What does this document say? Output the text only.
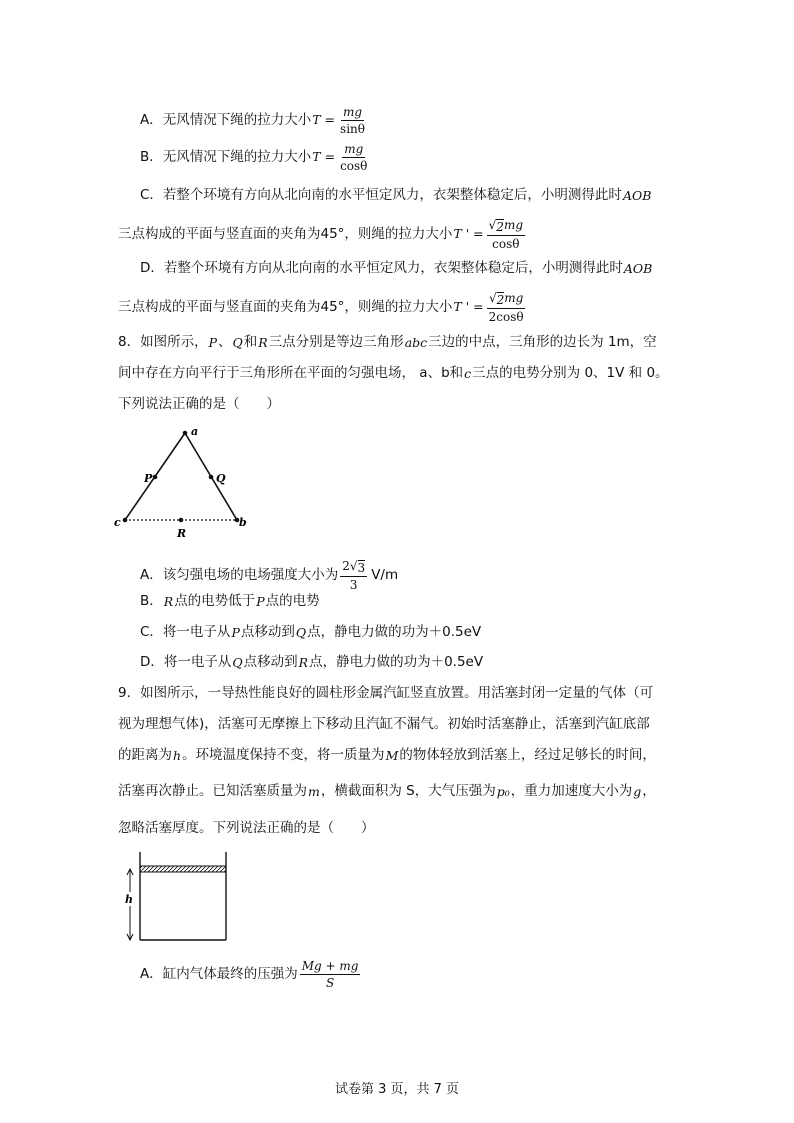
A．无风情况下绳的拉力大小 $T = \frac{mg}{\sin\theta}$
B．无风情况下绳的拉力大小 $T = \frac{mg}{\cos\theta}$
C．若整个环境有方向从北向南的水平恒定风力，衣架整体稳定后，小明测得此时 AOB
三点构成的平面与竖直面的夹角为45°，则绳的拉力大小 T ' = $\frac{√ 2 mg}{\cos\theta}$
D．若整个环境有方向从北向南的水平恒定风力，衣架整体稳定后，小明测得此时 AOB
三点构成的平面与竖直面的夹角为45°，则绳的拉力大小 T ' = $\frac{√ 2 mg}{2\cos\theta}$
8．如图所示， P 、 Q 和 R 三点分别是等边三角形 abc 三边的中点，三角形的边长为 1m，空
间中存在方向平行于三角形所在平面的匀强电场， a、b和 c 三点的电势分别为 0、1V 和 0。
下列说法正确的是（　　）
a
b
c
P	Q
R
A．该匀强电场的电场强度大小为 $\frac{2 √ 3}{3} V/m$
B． R 点的电势低于 P 点的电势
C．将一电子从 P 点移动到 Q 点，静电力做的功为＋0.5eV
D．将一电子从 Q 点移动到 R 点，静电力做的功为＋0.5eV
9．如图所示，一导热性能良好的圆柱形金属汽缸竖直放置。用活塞封闭一定量的气体（可
视为理想气体)，活塞可无摩擦上下移动且汽缸不漏气。初始时活塞静止，活塞到汽缸底部
的距离为 h 。环境温度保持不变，将一质量为 M 的物体轻放到活塞上，经过足够长的时间，
活塞再次静止。已知活塞质量为 m ，横截面积为 S，大气压强为 p₀ ，重力加速度大小为 g ，
忽略活塞厚度。下列说法正确的是（　　）
h
A．缸内气体最终的压强为 $\frac{Mg + mg}{S}$
试卷第 3 页，共 7 页
